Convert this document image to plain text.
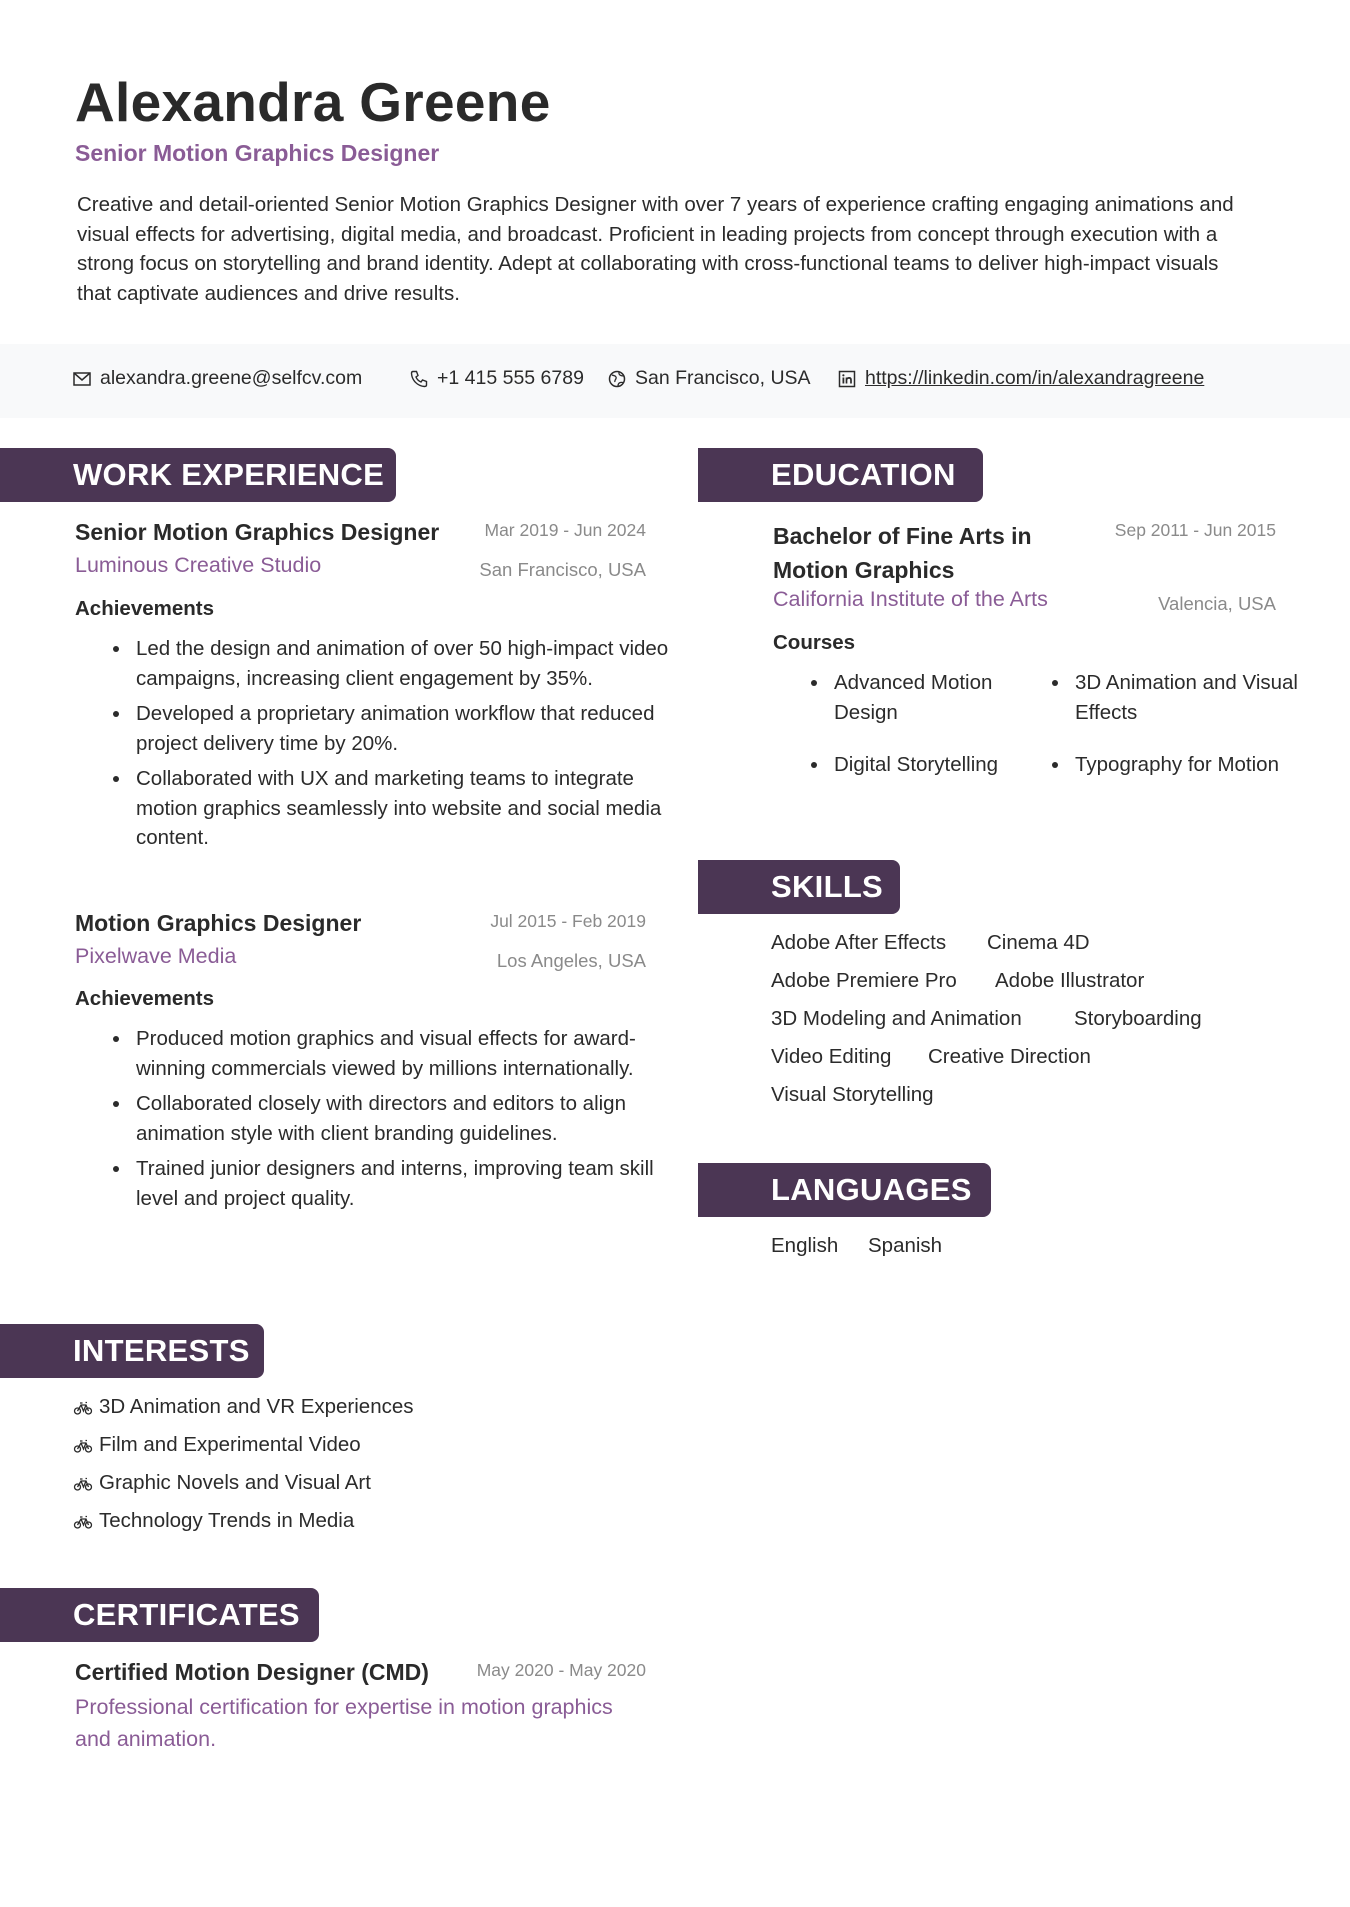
Alexandra Greene
Senior Motion Graphics Designer
Creative and detail-oriented Senior Motion Graphics Designer with over 7 years of experience crafting engaging animations and visual effects for advertising, digital media, and broadcast. Proficient in leading projects from concept through execution with a strong focus on storytelling and brand identity. Adept at collaborating with cross-functional teams to deliver high-impact visuals that captivate audiences and drive results.
alexandra.greene@selfcv.com	+1 415 555 6789	San Francisco, USA	https://linkedin.com/in/alexandragreene
WORK EXPERIENCE
Senior Motion Graphics Designer	Mar 2019 - Jun 2024
Luminous Creative Studio	San Francisco, USA
Achievements
• Led the design and animation of over 50 high-impact video campaigns, increasing client engagement by 35%.
• Developed a proprietary animation workflow that reduced project delivery time by 20%.
• Collaborated with UX and marketing teams to integrate motion graphics seamlessly into website and social media content.
Motion Graphics Designer	Jul 2015 - Feb 2019
Pixelwave Media	Los Angeles, USA
Achievements
• Produced motion graphics and visual effects for award-winning commercials viewed by millions internationally.
• Collaborated closely with directors and editors to align animation style with client branding guidelines.
• Trained junior designers and interns, improving team skill level and project quality.
INTERESTS
3D Animation and VR Experiences
Film and Experimental Video
Graphic Novels and Visual Art
Technology Trends in Media
CERTIFICATES
Certified Motion Designer (CMD)	May 2020 - May 2020
Professional certification for expertise in motion graphics and animation.
EDUCATION
Bachelor of Fine Arts in Motion Graphics
Sep 2011 - Jun 2015
California Institute of the Arts	Valencia, USA
Courses
• Advanced Motion Design
• 3D Animation and Visual Effects
• Digital Storytelling
•	Typography for Motion
SKILLS
Adobe After Effects Cinema 4D
Adobe Premiere Pro Adobe Illustrator
3D Modeling and Animation	Storyboarding
Video Editing Creative Direction
Visual Storytelling
LANGUAGES
English Spanish
